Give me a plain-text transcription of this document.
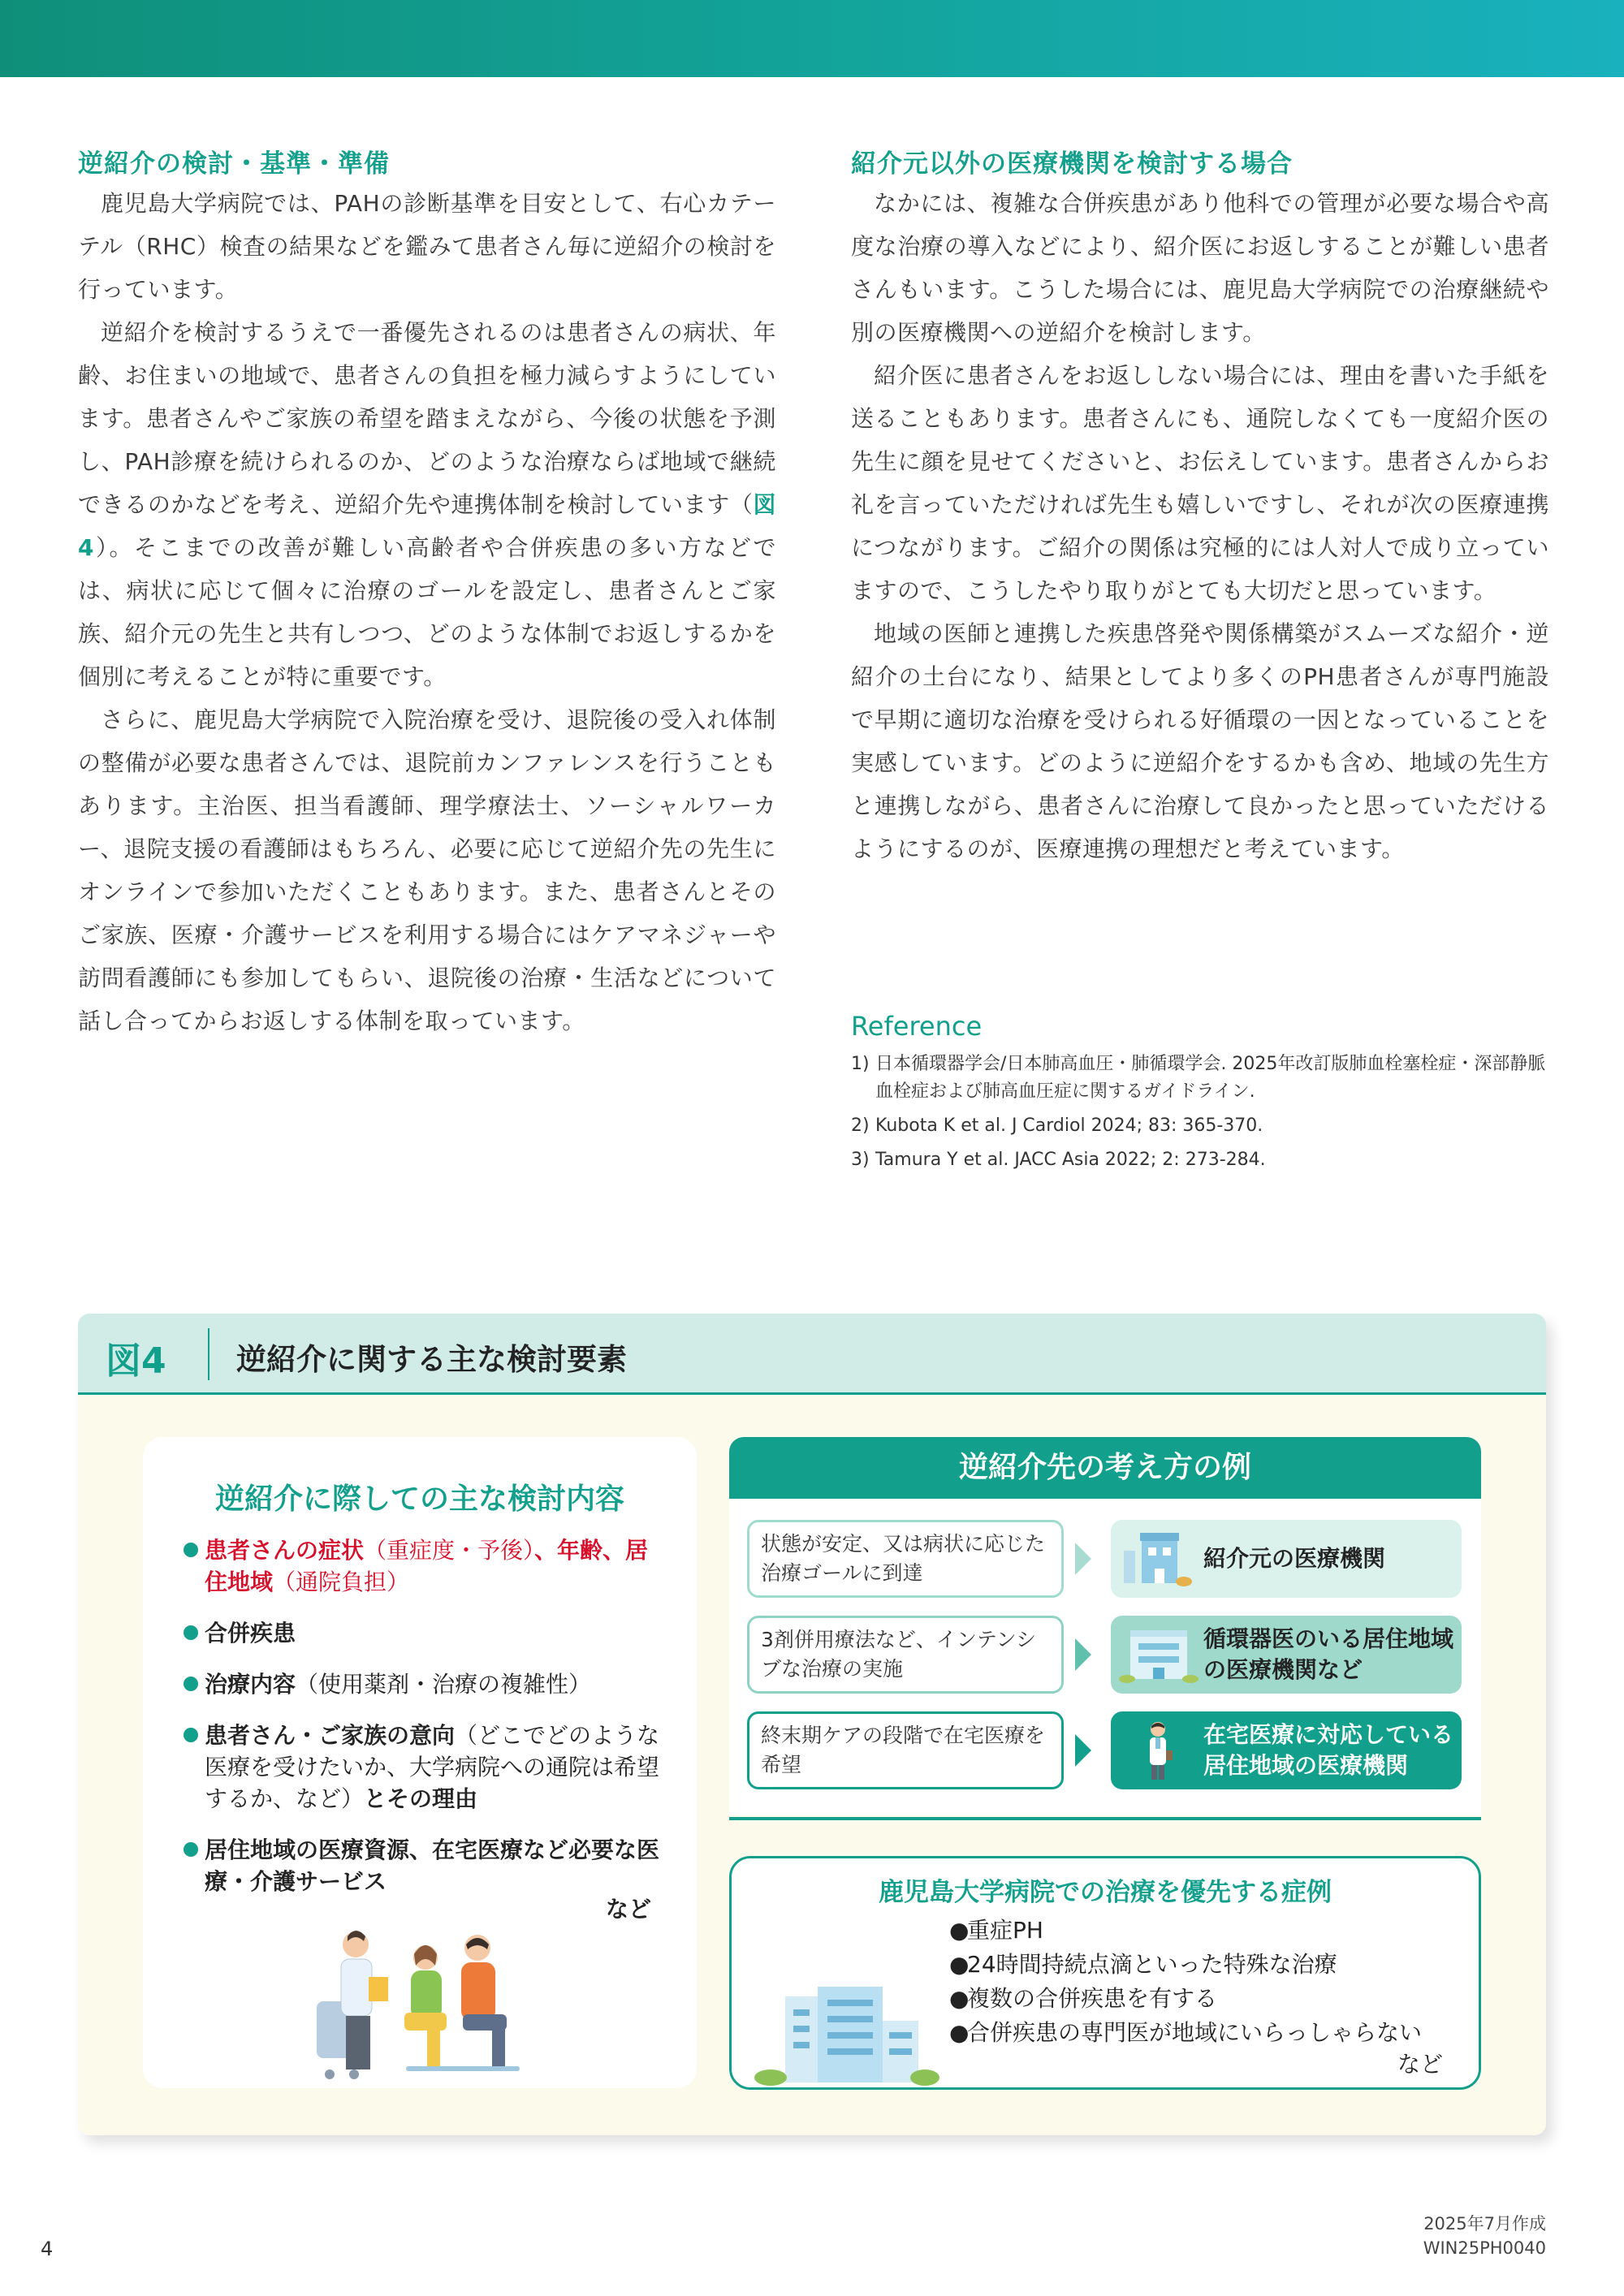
逆紹介の検討・基準・準備

鹿児島大学病院では、PAHの診断基準を目安として、右心カテーテル（RHC）検査の結果などを鑑みて患者さん毎に逆紹介の検討を行っています。

逆紹介を検討するうえで一番優先されるのは患者さんの病状、年齢、お住まいの地域で、患者さんの負担を極力減らすようにしています。患者さんやご家族の希望を踏まえながら、今後の状態を予測し、PAH診療を続けられるのか、どのような治療ならば地域で継続できるのかなどを考え、逆紹介先や連携体制を検討しています（図4）。そこまでの改善が難しい高齢者や合併疾患の多い方などでは、病状に応じて個々に治療のゴールを設定し、患者さんとご家族、紹介元の先生と共有しつつ、どのような体制でお返しするかを個別に考えることが特に重要です。

さらに、鹿児島大学病院で入院治療を受け、退院後の受入れ体制の整備が必要な患者さんでは、退院前カンファレンスを行うこともあります。主治医、担当看護師、理学療法士、ソーシャルワーカー、退院支援の看護師はもちろん、必要に応じて逆紹介先の先生にオンラインで参加いただくこともあります。また、患者さんとそのご家族、医療・介護サービスを利用する場合にはケアマネジャーや訪問看護師にも参加してもらい、退院後の治療・生活などについて話し合ってからお返しする体制を取っています。

紹介元以外の医療機関を検討する場合

なかには、複雑な合併疾患があり他科での管理が必要な場合や高度な治療の導入などにより、紹介医にお返しすることが難しい患者さんもいます。こうした場合には、鹿児島大学病院での治療継続や別の医療機関への逆紹介を検討します。

紹介医に患者さんをお返ししない場合には、理由を書いた手紙を送ることもあります。患者さんにも、通院しなくても一度紹介医の先生に顔を見せてくださいと、お伝えしています。患者さんからお礼を言っていただければ先生も嬉しいですし、それが次の医療連携につながります。ご紹介の関係は究極的には人対人で成り立っていますので、こうしたやり取りがとても大切だと思っています。

地域の医師と連携した疾患啓発や関係構築がスムーズな紹介・逆紹介の土台になり、結果としてより多くのPH患者さんが専門施設で早期に適切な治療を受けられる好循環の一因となっていることを実感しています。どのように逆紹介をするかも含め、地域の先生方と連携しながら、患者さんに治療して良かったと思っていただけるようにするのが、医療連携の理想だと考えています。

Reference
1) 日本循環器学会/日本肺高血圧・肺循環学会. 2025年改訂版肺血栓塞栓症・深部静脈血栓症および肺高血圧症に関するガイドライン.
2) Kubota K et al. J Cardiol 2024; 83: 365-370.
3) Tamura Y et al. JACC Asia 2022; 2: 273-284.
図4 逆紹介に関する主な検討要素
逆紹介に際しての主な検討内容
患者さんの症状（重症度・予後）、年齢、居住地域（通院負担）
合併疾患
治療内容（使用薬剤・治療の複雑性）
患者さん・ご家族の意向（どこでどのような医療を受けたいか、大学病院への通院は希望するか、など）とその理由
居住地域の医療資源、在宅医療など必要な医療・介護サービス
など
逆紹介先の考え方の例
状態が安定、又は病状に応じた治療ゴールに到達
紹介元の医療機関
3剤併用療法など、インテンシブな治療の実施
循環器医のいる居住地域の医療機関など
終末期ケアの段階で在宅医療を希望
在宅医療に対応している居住地域の医療機関
鹿児島大学病院での治療を優先する症例
●
重症PH
●
24時間持続点滴といった特殊な治療
●
複数の合併疾患を有する
●
合併疾患の専門医が地域にいらっしゃらない
など
4
2025年7月作成
WIN25PH0040
